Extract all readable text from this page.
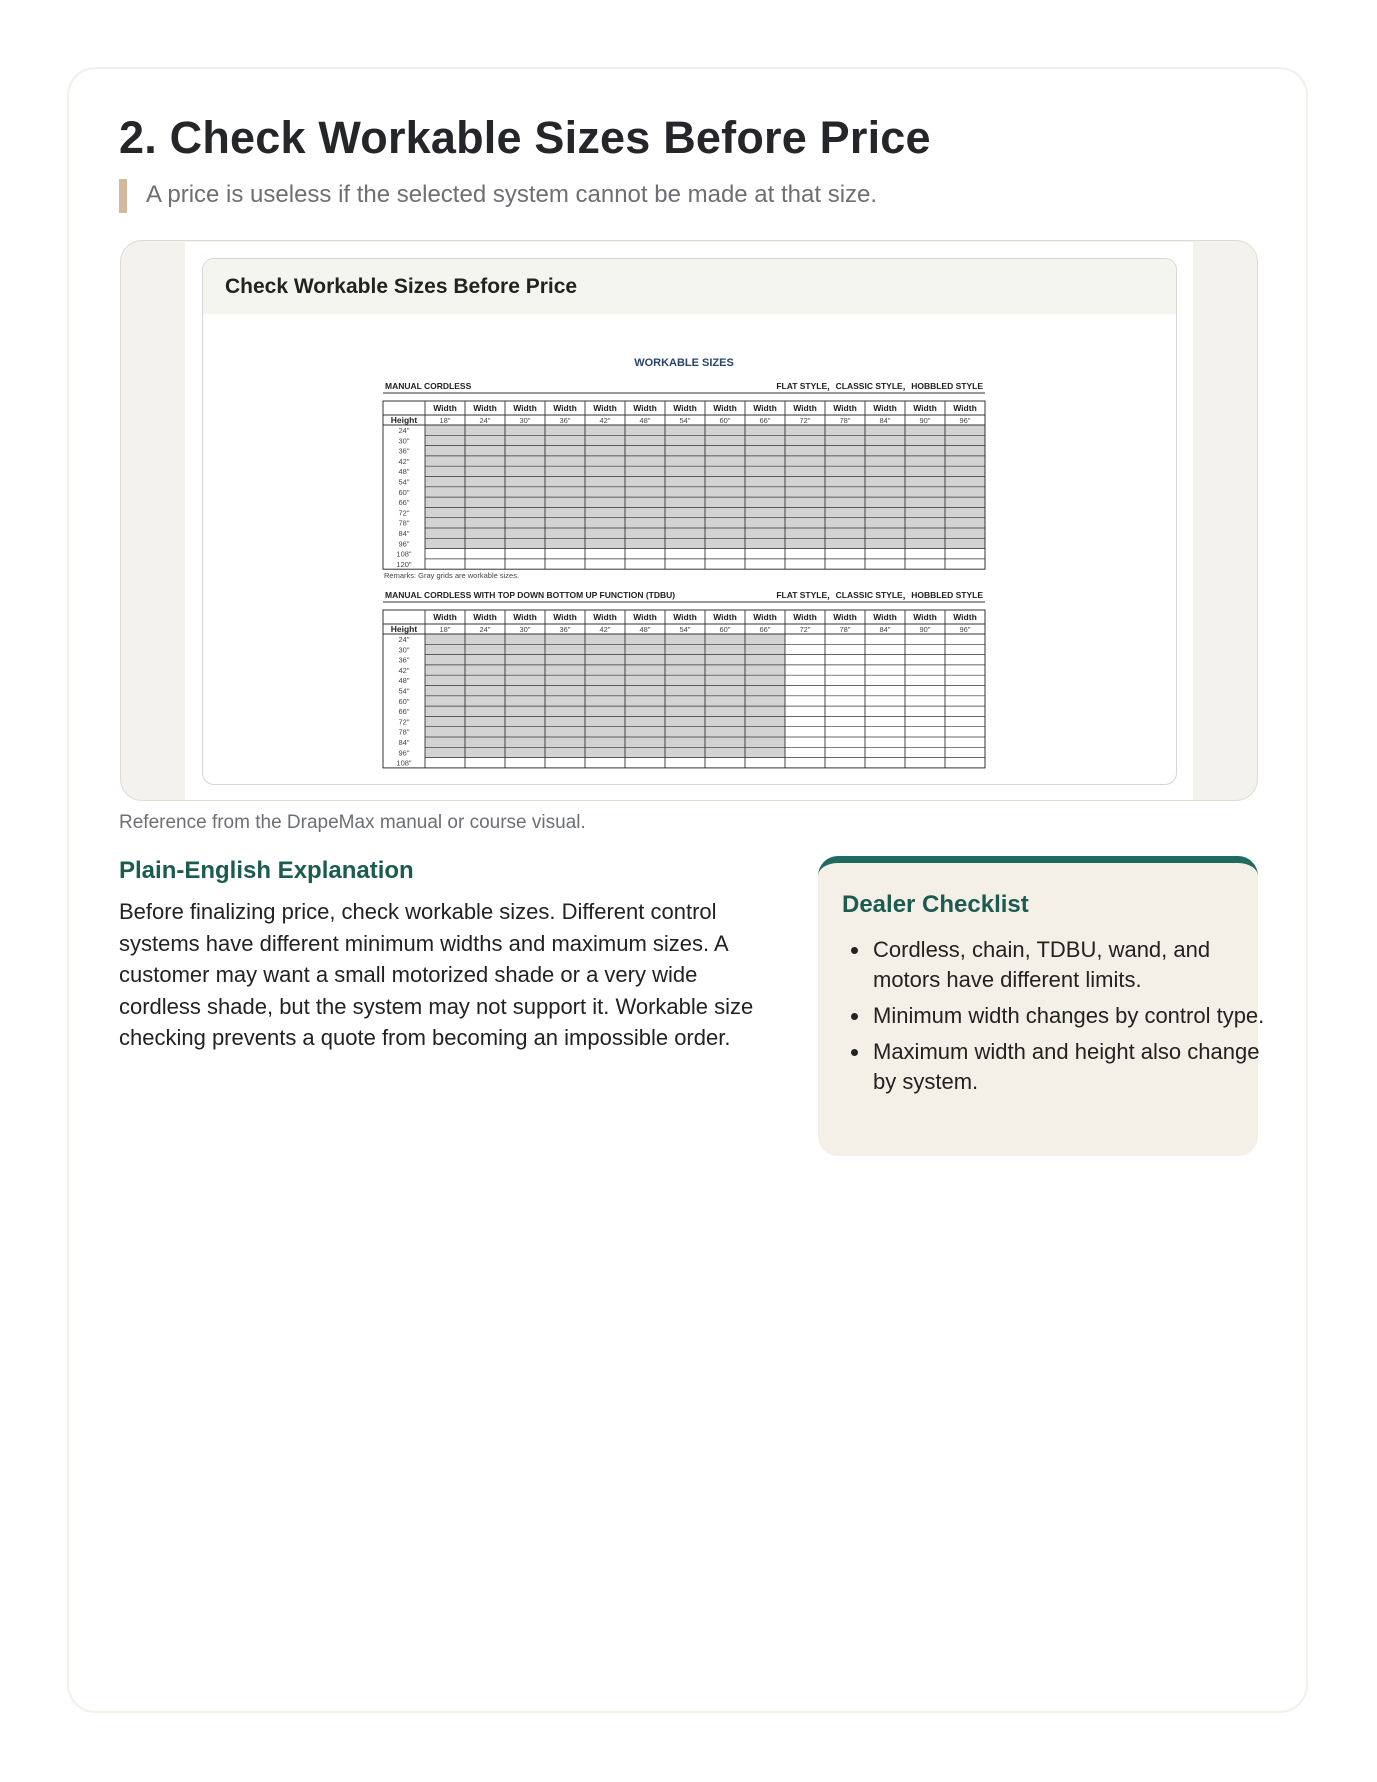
2. Check Workable Sizes Before Price
A price is useless if the selected system cannot be made at that size.
Check Workable Sizes Before Price
WORKABLE SIZES
MANUAL CORDLESS	FLAT STYLE，CLASSIC STYLE，HOBBLED STYLE
Width
18"
Width
24"
Width
30"
Width
36"
Width
42"
Width
48"
Width
54"
Width
60"
Width
66"
Width
72"
Width
78"
Width
84"
Width
90"
Width
96"
Height
24"
30"
36"
42"
48"
54"
60"
66"
72"
78"
84"
96"
108"
120"
Remarks: Gray grids are workable sizes.
MANUAL CORDLESS WITH TOP DOWN BOTTOM UP FUNCTION (TDBU)	FLAT STYLE，CLASSIC STYLE，HOBBLED STYLE
Width
18"
Width
24"
Width
30"
Width
36"
Width
42"
Width
48"
Width
54"
Width
60"
Width
66"
Width
72"
Width
78"
Width
84"
Width
90"
Width
96"
Height
24"
30"
36"
42"
48"
54"
60"
66"
72"
78"
84"
96"
108"
Reference from the DrapeMax manual or course visual.
Plain-English Explanation

Before finalizing price, check workable sizes. Different control systems have different minimum widths and maximum sizes. A customer may want a small motorized shade or a very wide cordless shade, but the system may not support it. Workable size checking prevents a quote from becoming an impossible order.

Dealer Checklist
• Cordless, chain, TDBU, wand, and motors have different limits.
• Minimum width changes by control type.
• Maximum width and height also change by system.
